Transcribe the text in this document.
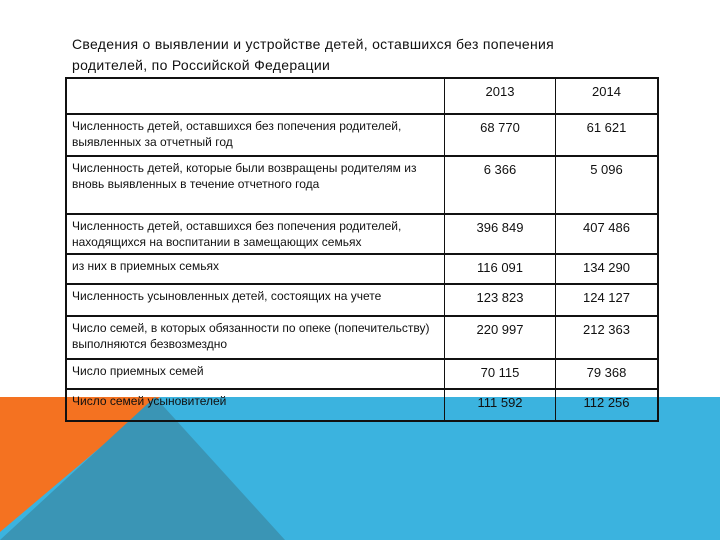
Сведения о выявлении и устройстве детей, оставшихся без попечения родителей, по Российской Федерации
	2013	2014
Численность детей, оставшихся без попечения родителей, выявленных за отчетный год	68 770	61 621
Численность детей, которые были возвращены родителям из вновь выявленных в течение отчетного года	6 366	5 096
Численность детей, оставшихся без попечения родителей, находящихся на воспитании в замещающих семьях	396 849	407 486
из них в приемных семьях	116 091	134 290
Численность усыновленных детей, состоящих на учете	123 823	124 127
Число семей, в которых обязанности по опеке (попечительству) выполняются безвозмездно	220 997	212 363
Число приемных семей	70 115	79 368
Число семей усыновителей	111 592	112 256
